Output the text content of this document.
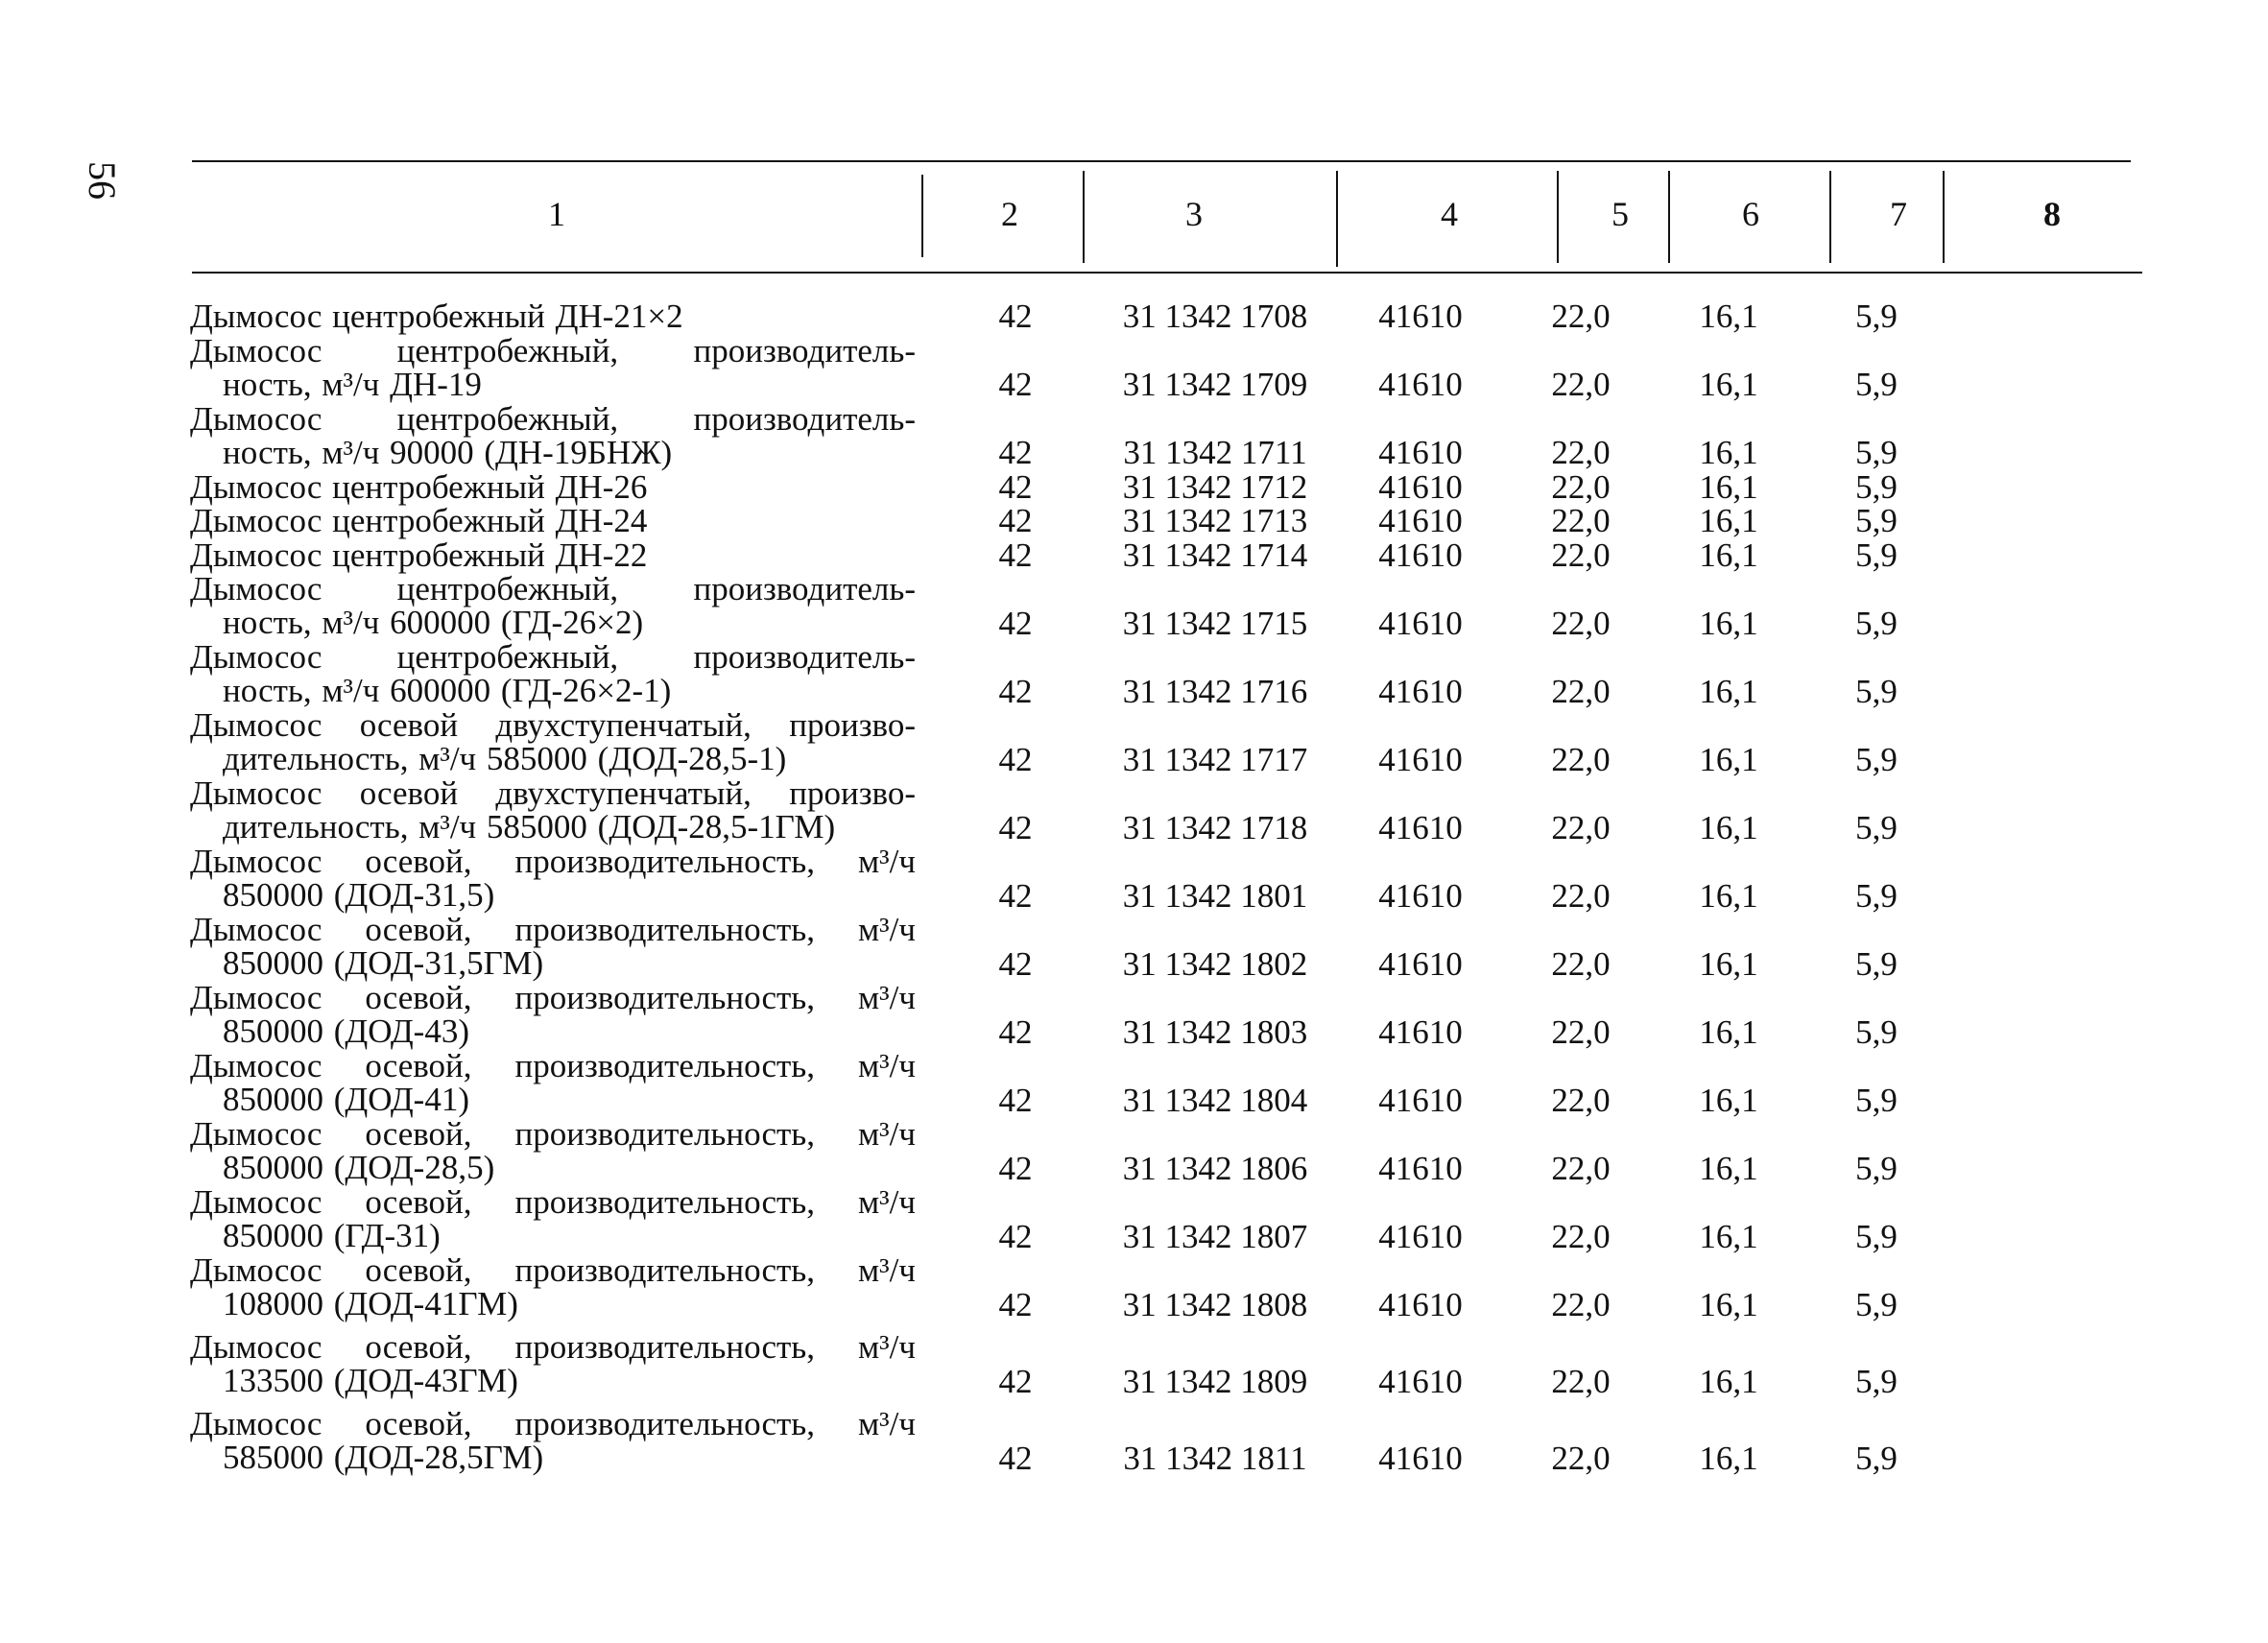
56
1	2	3	4	5	6	7	8
Дымосос центробежный ДН-21×2	42	31 1342 1708	41610	22,0	16,1	5,9
Дымосос центробежный, производитель-
ность, м³/ч ДН-19	42	31 1342 1709	41610	22,0	16,1	5,9
Дымосос центробежный, производитель-
ность, м³/ч 90000 (ДН-19БНЖ)	42	31 1342 1711	41610	22,0	16,1	5,9
Дымосос центробежный ДН-26	42	31 1342 1712	41610	22,0	16,1	5,9
Дымосос центробежный ДН-24	42	31 1342 1713	41610	22,0	16,1	5,9
Дымосос центробежный ДН-22	42	31 1342 1714	41610	22,0	16,1	5,9
Дымосос центробежный, производитель-
ность, м³/ч 600000 (ГД-26×2)	42	31 1342 1715	41610	22,0	16,1	5,9
Дымосос центробежный, производитель-
ность, м³/ч 600000 (ГД-26×2-1)	42	31 1342 1716	41610	22,0	16,1	5,9
Дымосос осевой двухступенчатый, произво-
дительность, м³/ч 585000 (ДОД-28,5-1)	42	31 1342 1717	41610	22,0	16,1	5,9
Дымосос осевой двухступенчатый, произво-
дительность, м³/ч 585000 (ДОД-28,5-1ГМ)	42	31 1342 1718	41610	22,0	16,1	5,9
Дымосос осевой, производительность, м³/ч
850000 (ДОД-31,5)	42	31 1342 1801	41610	22,0	16,1	5,9
Дымосос осевой, производительность, м³/ч
850000 (ДОД-31,5ГМ)	42	31 1342 1802	41610	22,0	16,1	5,9
Дымосос осевой, производительность, м³/ч
850000 (ДОД-43)	42	31 1342 1803	41610	22,0	16,1	5,9
Дымосос осевой, производительность, м³/ч
850000 (ДОД-41)	42	31 1342 1804	41610	22,0	16,1	5,9
Дымосос осевой, производительность, м³/ч
850000 (ДОД-28,5)	42	31 1342 1806	41610	22,0	16,1	5,9
Дымосос осевой, производительность, м³/ч
850000 (ГД-31)	42	31 1342 1807	41610	22,0	16,1	5,9
Дымосос осевой, производительность, м³/ч
108000 (ДОД-41ГМ)	42	31 1342 1808	41610	22,0	16,1	5,9
Дымосос осевой, производительность, м³/ч
133500 (ДОД-43ГМ)	42	31 1342 1809	41610	22,0	16,1	5,9
Дымосос осевой, производительность, м³/ч
585000 (ДОД-28,5ГМ)	42	31 1342 1811	41610	22,0	16,1	5,9
